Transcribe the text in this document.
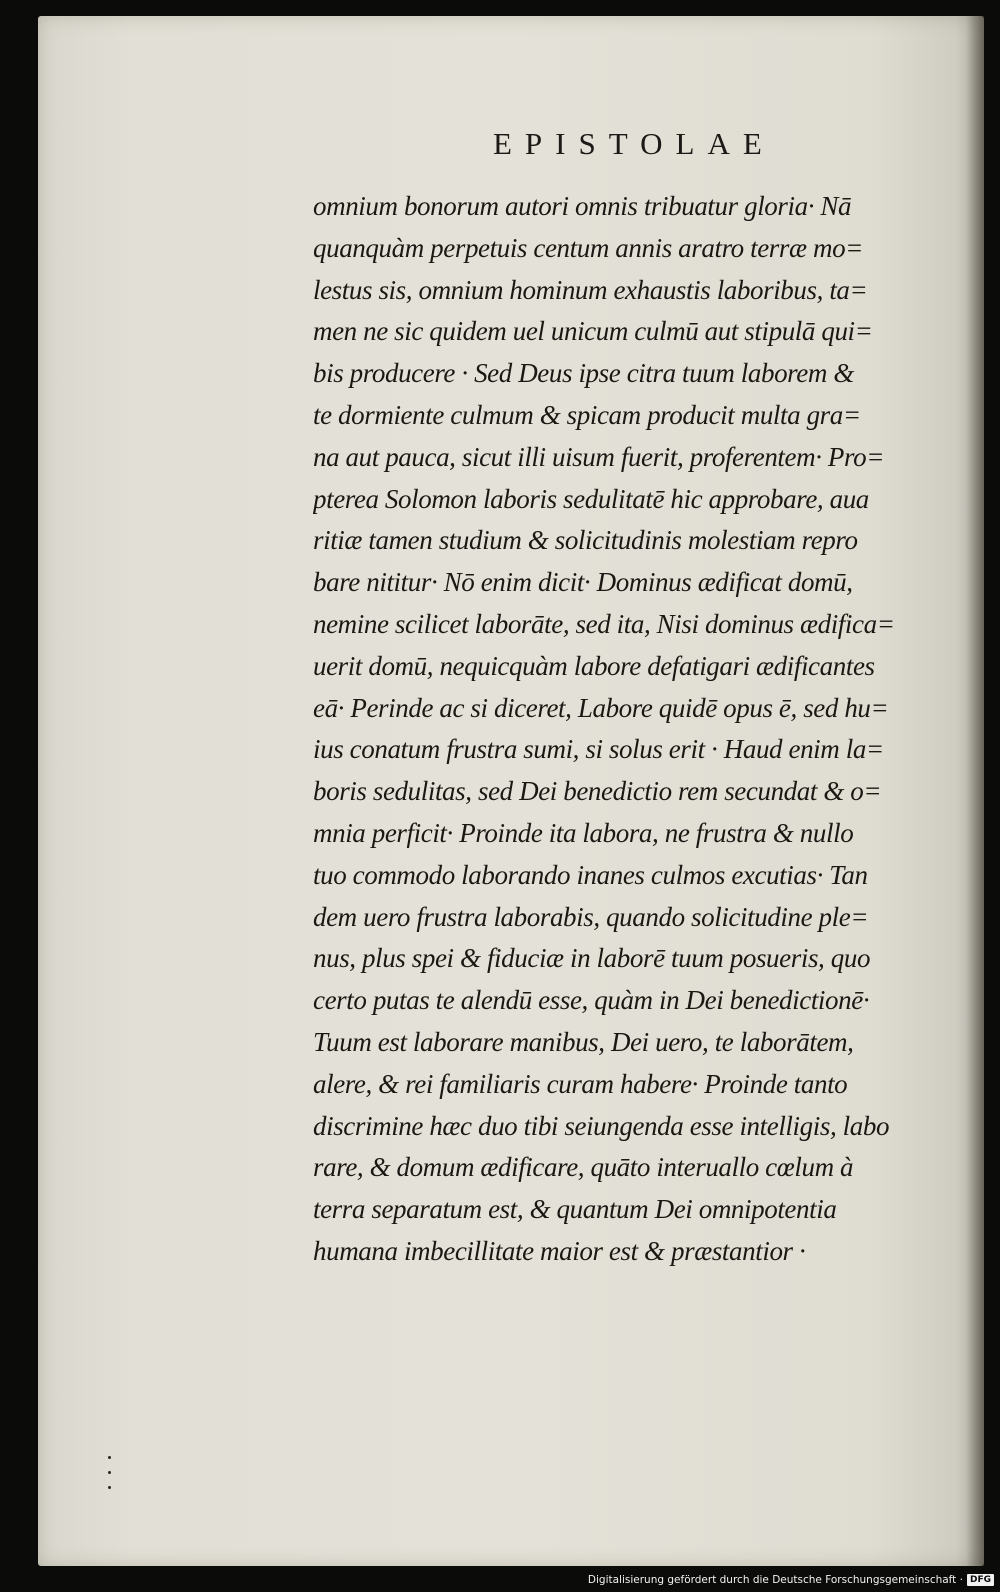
EPISTOLAE
omnium bonorum autori omnis tribuatur gloria· Nā
quanquàm perpetuis centum annis aratro terræ mo=
lestus sis, omnium hominum exhaustis laboribus, ta=
men ne sic quidem uel unicum culmū aut stipulā qui=
bis producere · Sed Deus ipse citra tuum laborem &
te dormiente culmum & spicam producit multa gra=
na aut pauca, sicut illi uisum fuerit, proferentem· Pro=
pterea Solomon laboris sedulitatē hic approbare, aua
ritiæ tamen studium & solicitudinis molestiam repro
bare nititur· Nō enim dicit· Dominus ædificat domū,
nemine scilicet laborāte, sed ita, Nisi dominus ædifica=
uerit domū, nequicquàm labore defatigari ædificantes
eā· Perinde ac si diceret, Labore quidē opus ē, sed hu=
ius conatum frustra sumi, si solus erit · Haud enim la=
boris sedulitas, sed Dei benedictio rem secundat & o=
mnia perficit· Proinde ita labora, ne frustra & nullo
tuo commodo laborando inanes culmos excutias· Tan
dem uero frustra laborabis, quando solicitudine ple=
nus, plus spei & fiduciæ in laborē tuum posueris, quo
certo putas te alendū esse, quàm in Dei benedictionē·
Tuum est laborare manibus, Dei uero, te laborātem,
alere, & rei familiaris curam habere· Proinde tanto
discrimine hæc duo tibi seiungenda esse intelligis, labo
rare, & domum ædificare, quāto interuallo cœlum à
terra separatum est, & quantum Dei omnipotentia
humana imbecillitate maior est & præstantior ·
Digitalisierung gefördert durch die Deutsche Forschungsgemeinschaft · DFG
